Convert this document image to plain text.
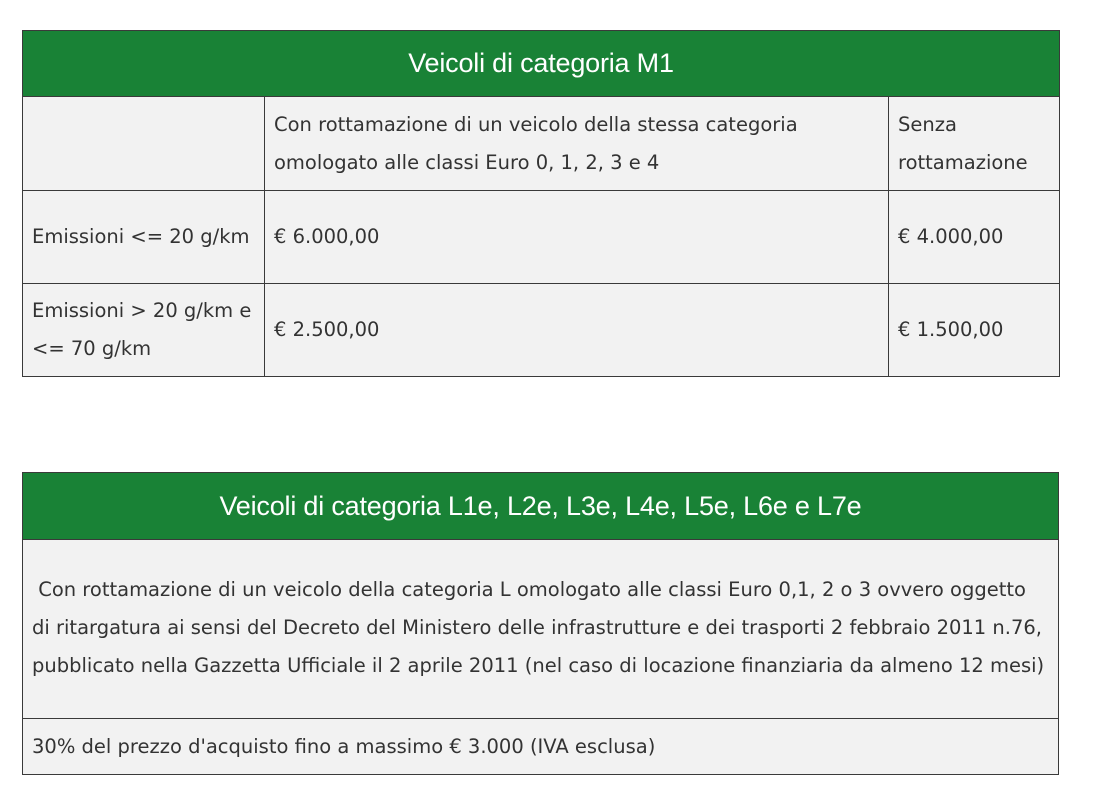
Veicoli di categoria M1		
	Con rottamazione di un veicolo della stessa categoria omologato alle classi Euro 0, 1, 2, 3 e 4	Senza rottamazione
Emissioni <= 20 g/km	€ 6.000,00	€ 4.000,00
Emissioni > 20 g/km e <= 70 g/km	€ 2.500,00	€ 1.500,00
Veicoli di categoria L1e, L2e, L3e, L4e, L5e, L6e e L7e
Con rottamazione di un veicolo della categoria L omologato alle classi Euro 0,1, 2 o 3 ovvero oggetto di ritargatura ai sensi del Decreto del Ministero delle infrastrutture e dei trasporti 2 febbraio 2011 n.76, pubblicato nella Gazzetta Ufficiale il 2 aprile 2011 (nel caso di locazione finanziaria da almeno 12 mesi)
30% del prezzo d'acquisto fino a massimo € 3.000 (IVA esclusa)
